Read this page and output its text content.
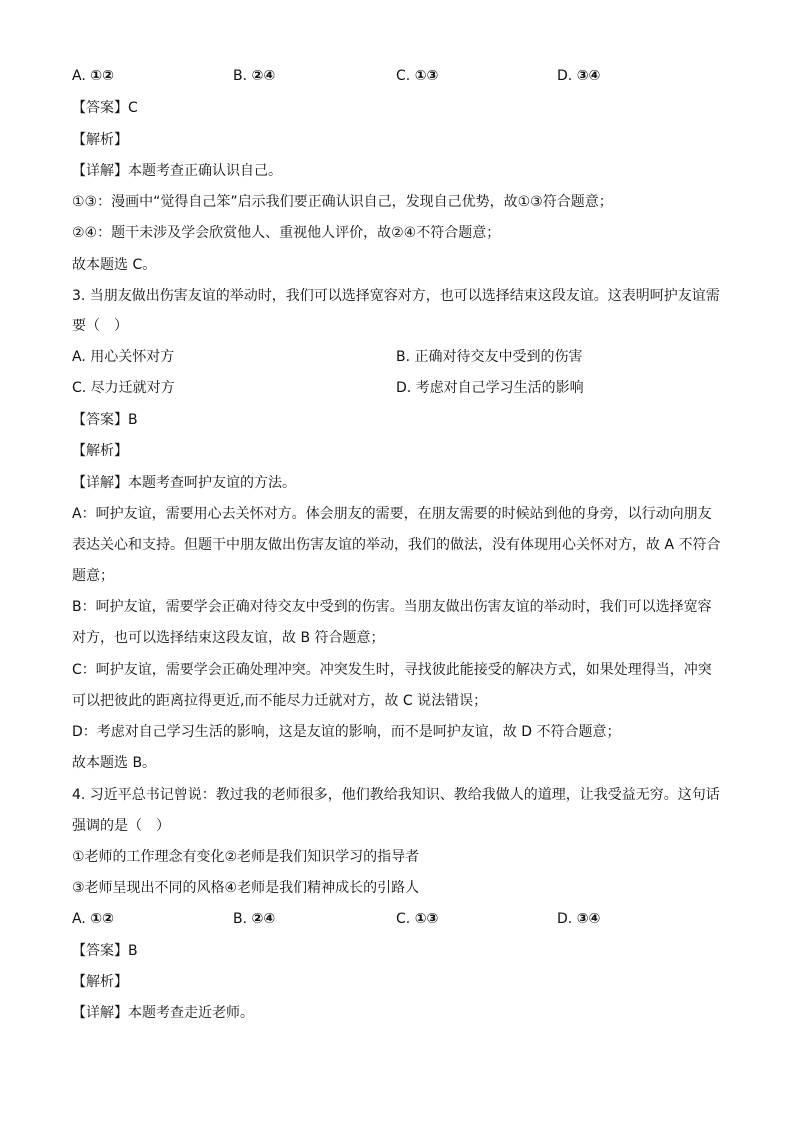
A. ①②	B. ②④	C. ①③	D. ③④
【答案】C
【解析】
【详解】本题考查正确认识自己。
①③：漫画中“觉得自己笨”启示我们要正确认识自己，发现自己优势，故①③符合题意；
②④：题干未涉及学会欣赏他人、重视他人评价，故②④不符合题意；
故本题选 C。
3. 当朋友做出伤害友谊的举动时，我们可以选择宽容对方，也可以选择结束这段友谊。这表明呵护友谊需
要（　）
A. 用心关怀对方	B. 正确对待交友中受到的伤害
C. 尽力迁就对方	D. 考虑对自己学习生活的影响
【答案】B
【解析】
【详解】本题考查呵护友谊的方法。
A：呵护友谊，需要用心去关怀对方。体会朋友的需要，在朋友需要的时候站到他的身旁，以行动向朋友
表达关心和支持。但题干中朋友做出伤害友谊的举动，我们的做法，没有体现用心关怀对方，故 A 不符合
题意；
B：呵护友谊，需要学会正确对待交友中受到的伤害。当朋友做出伤害友谊的举动时，我们可以选择宽容
对方，也可以选择结束这段友谊，故 B 符合题意；
C：呵护友谊，需要学会正确处理冲突。冲突发生时，寻找彼此能接受的解决方式，如果处理得当，冲突
可以把彼此的距离拉得更近,而不能尽力迁就对方，故 C 说法错误；
D：考虑对自己学习生活的影响，这是友谊的影响，而不是呵护友谊，故 D 不符合题意；
故本题选 B。
4. 习近平总书记曾说：教过我的老师很多，他们教给我知识、教给我做人的道理，让我受益无穷。这句话
强调的是（　）
①老师的工作理念有变化②老师是我们知识学习的指导者
③老师呈现出不同的风格④老师是我们精神成长的引路人
A. ①②	B. ②④	C. ①③	D. ③④
【答案】B
【解析】
【详解】本题考查走近老师。
